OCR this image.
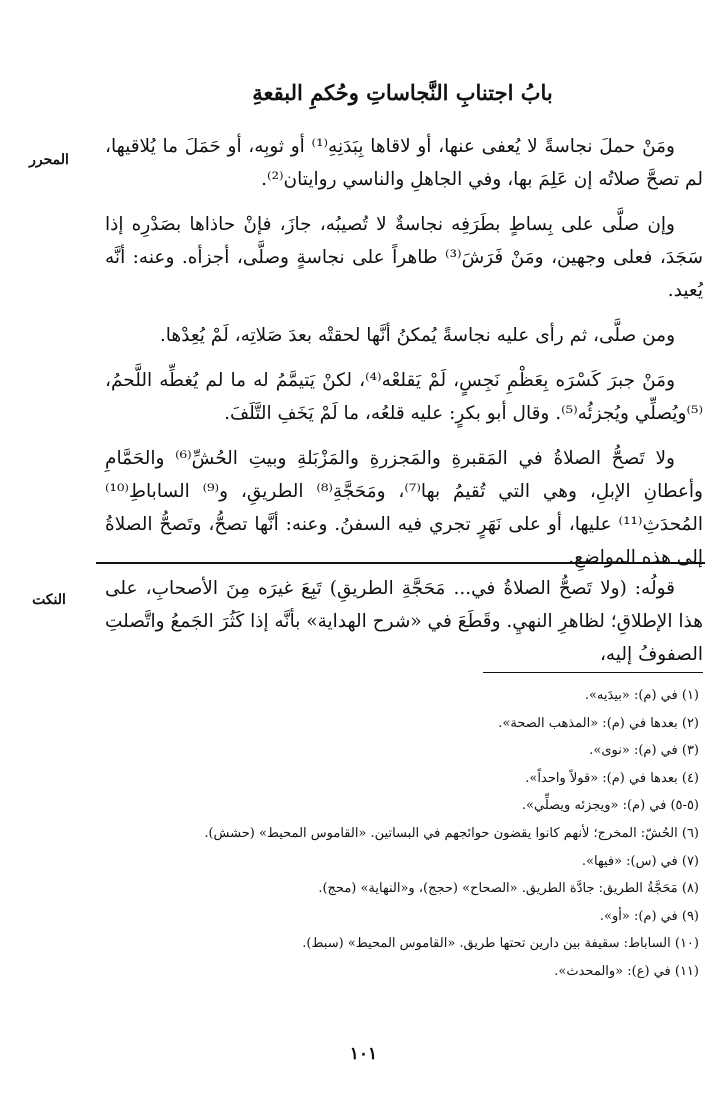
بابُ اجتنابِ النَّجاساتِ وحُكمِ البقعةِ
المحرر

ومَنْ حملَ نجاسةً لا يُعفى عنها، أو لاقاها بِبَدَنِهِ⁽¹⁾ أو ثوبِه، أو حَمَلَ ما يُلاقيها، لم تصحَّ صلاتُه إن عَلِمَ بها، وفي الجاهلِ والناسي روايتان⁽²⁾.

وإن صلَّى على بِساطٍ بطَرَفِه نجاسةٌ لا تُصيبُه، جازَ، فإنْ حاذاها بصَدْرِه إذا سَجَدَ، فعلى وجهين، ومَنْ فَرَشَ⁽³⁾ طاهراً على نجاسةٍ وصلَّى، أجزأه. وعنه: أنَّه يُعيد.

ومن صلَّى، ثم رأى عليه نجاسةً يُمكنُ أنَّها لحقتْه بعدَ صَلاتِه، لَمْ يُعِدْها.

ومَنْ جبرَ كَسْرَه بِعَظْمِ نَجِسٍ، لَمْ يَقلعْه⁽⁴⁾، لكنْ يَتيمَّمُ له ما لم يُغطِّه اللَّحمُ، ⁽⁵⁾ويُصلِّي ويُجزئُه⁽⁵⁾. وقال أبو بكرٍ: عليه قلعُه، ما لَمْ يَخَفِ التَّلَفَ.

ولا تَصحُّ الصلاةُ في المَقبرةِ والمَجزرةِ والمَزْبَلةِ وبيتِ الحُشِّ⁽⁶⁾ والحَمَّامِ وأعطانِ الإبلِ، وهي التي تُقيمُ بها⁽⁷⁾، ومَحَجَّةِ⁽⁸⁾ الطريقِ، و⁽⁹⁾ الساباطِ⁽¹⁰⁾ المُحدَثِ⁽¹¹⁾ عليها، أو على نَهَرٍ تجري فيه السفنُ. وعنه: أنَّها تصحُّ، وتَصحُّ الصلاةُ إلى هذه المواضعِ.

النكت

قولُه: (ولا تَصحُّ الصلاةُ في... مَحَجَّةِ الطريقِ) تَبِعَ غيرَه مِنَ الأصحابِ، على هذا الإطلاقِ؛ لظاهرِ النهيِ. وقَطَعَ في «شرح الهداية» بأنَّه إذا كَثُرَ الجَمعُ واتَّصلتِ الصفوفُ إليه،

(١) في (م): «بيدَيه».
(٢) بعدها في (م): «المذهب الصحة».
(٣) في (م): «نوى».
(٤) بعدها في (م): «قولاً واحداً».
(٥-٥) في (م): «ويجزئه ويصلِّي».
(٦) الحُشّ: المخرج؛ لأنهم كانوا يقضون حوائجهم في البساتين. «القاموس المحيط» (حشش).
(٧) في (س): «فيها».
(٨) مَحَجَّةُ الطريق: جادَّة الطريق. «الصحاح» (حجج)، و«النهاية» (محج).
(٩) في (م): «أو».
(١٠) الساباط: سقيفة بين دارين تحتها طريق. «القاموس المحيط» (سبط).
(١١) في (ع): «والمحدث».
١٠١
